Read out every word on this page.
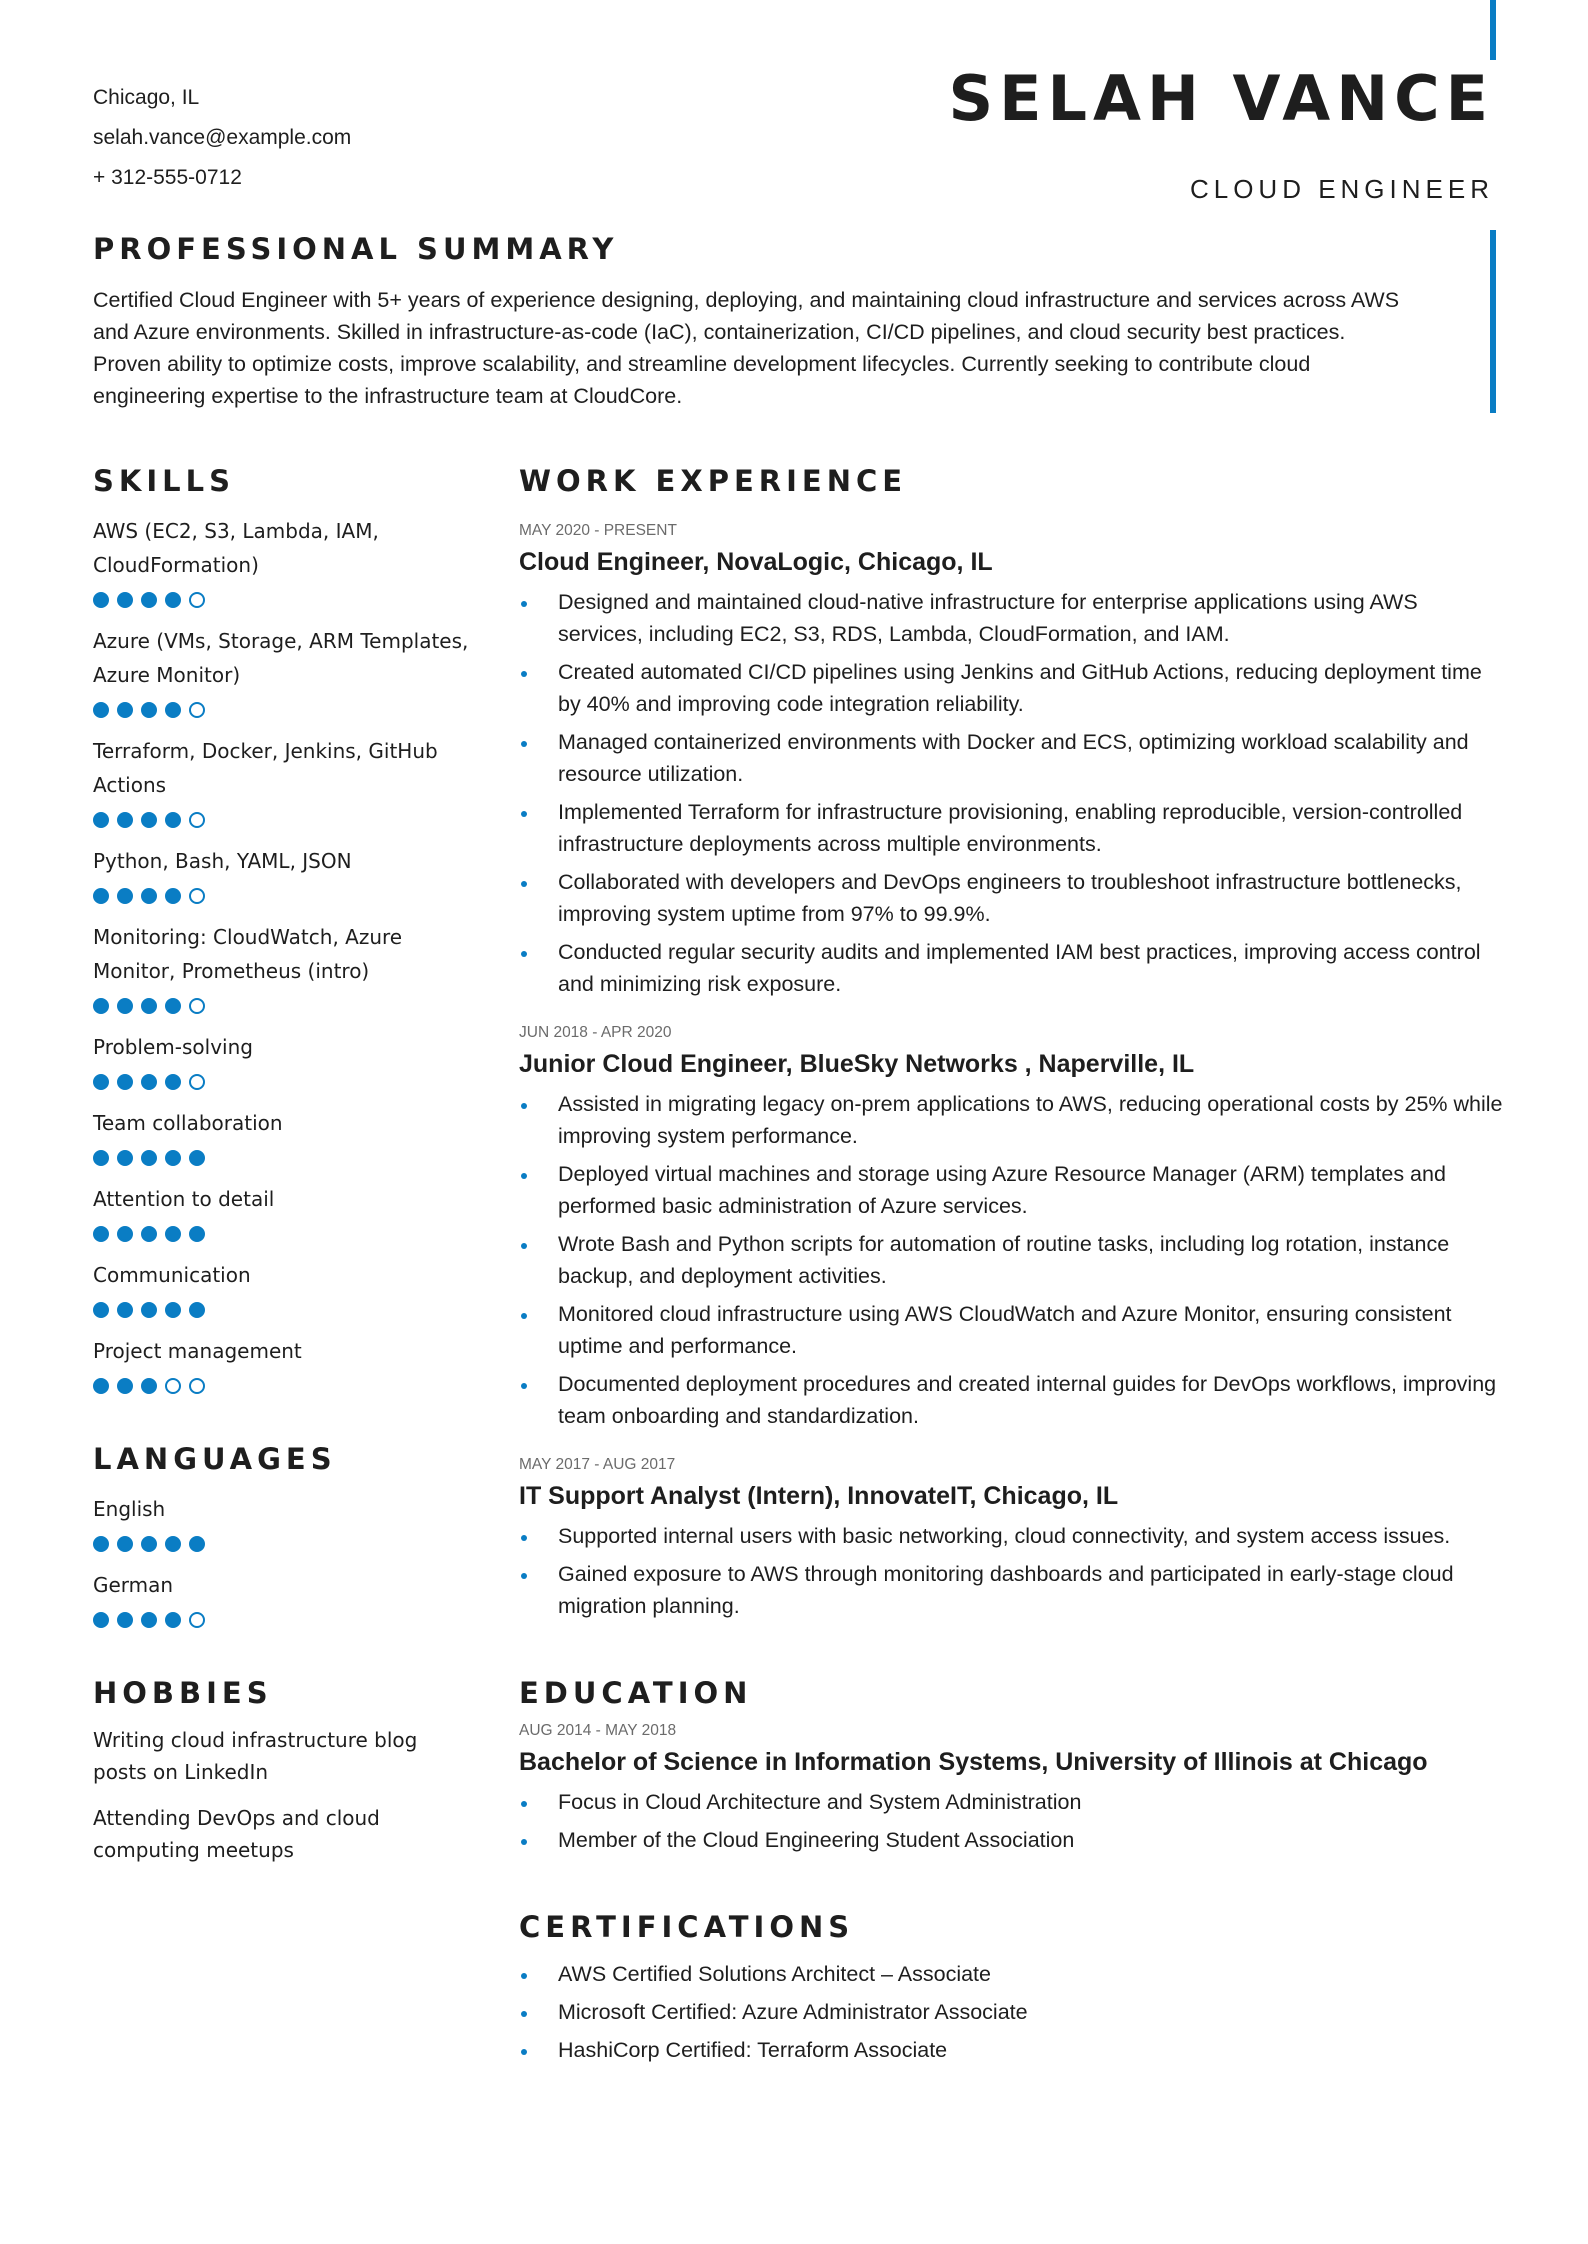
Chicago, IL
selah.vance@example.com
+ 312-555-0712
SELAH VANCE
CLOUD ENGINEER
PROFESSIONAL SUMMARY

Certified Cloud Engineer with 5+ years of experience designing, deploying, and maintaining cloud infrastructure and services across AWS and Azure environments. Skilled in infrastructure-as-code (IaC), containerization, CI/CD pipelines, and cloud security best practices. Proven ability to optimize costs, improve scalability, and streamline development lifecycles. Currently seeking to contribute cloud engineering expertise to the infrastructure team at CloudCore.

SKILLS
AWS (EC2, S3, Lambda, IAM, CloudFormation)
Azure (VMs, Storage, ARM Templates, Azure Monitor)
Terraform, Docker, Jenkins, GitHub Actions
Python, Bash, YAML, JSON
Monitoring: CloudWatch, Azure Monitor, Prometheus (intro)
Problem-solving
Team collaboration
Attention to detail
Communication
Project management
LANGUAGES
English
German
HOBBIES
Writing cloud infrastructure blog posts on LinkedIn
Attending DevOps and cloud computing meetups
WORK EXPERIENCE
MAY 2020 - PRESENT
Cloud Engineer, NovaLogic, Chicago, IL
Designed and maintained cloud-native infrastructure for enterprise applications using AWS services, including EC2, S3, RDS, Lambda, CloudFormation, and IAM.
Created automated CI/CD pipelines using Jenkins and GitHub Actions, reducing deployment time by 40% and improving code integration reliability.
Managed containerized environments with Docker and ECS, optimizing workload scalability and resource utilization.
Implemented Terraform for infrastructure provisioning, enabling reproducible, version-controlled infrastructure deployments across multiple environments.
Collaborated with developers and DevOps engineers to troubleshoot infrastructure bottlenecks, improving system uptime from 97% to 99.9%.
Conducted regular security audits and implemented IAM best practices, improving access control and minimizing risk exposure.
JUN 2018 - APR 2020
Junior Cloud Engineer, BlueSky Networks , Naperville, IL
Assisted in migrating legacy on-prem applications to AWS, reducing operational costs by 25% while improving system performance.
Deployed virtual machines and storage using Azure Resource Manager (ARM) templates and performed basic administration of Azure services.
Wrote Bash and Python scripts for automation of routine tasks, including log rotation, instance backup, and deployment activities.
Monitored cloud infrastructure using AWS CloudWatch and Azure Monitor, ensuring consistent uptime and performance.
Documented deployment procedures and created internal guides for DevOps workflows, improving team onboarding and standardization.
MAY 2017 - AUG 2017
IT Support Analyst (Intern), InnovateIT, Chicago, IL
Supported internal users with basic networking, cloud connectivity, and system access issues.
Gained exposure to AWS through monitoring dashboards and participated in early-stage cloud migration planning.
EDUCATION
AUG 2014 - MAY 2018
Bachelor of Science in Information Systems, University of Illinois at Chicago
Focus in Cloud Architecture and System Administration
Member of the Cloud Engineering Student Association
CERTIFICATIONS
AWS Certified Solutions Architect – Associate
Microsoft Certified: Azure Administrator Associate
HashiCorp Certified: Terraform Associate
